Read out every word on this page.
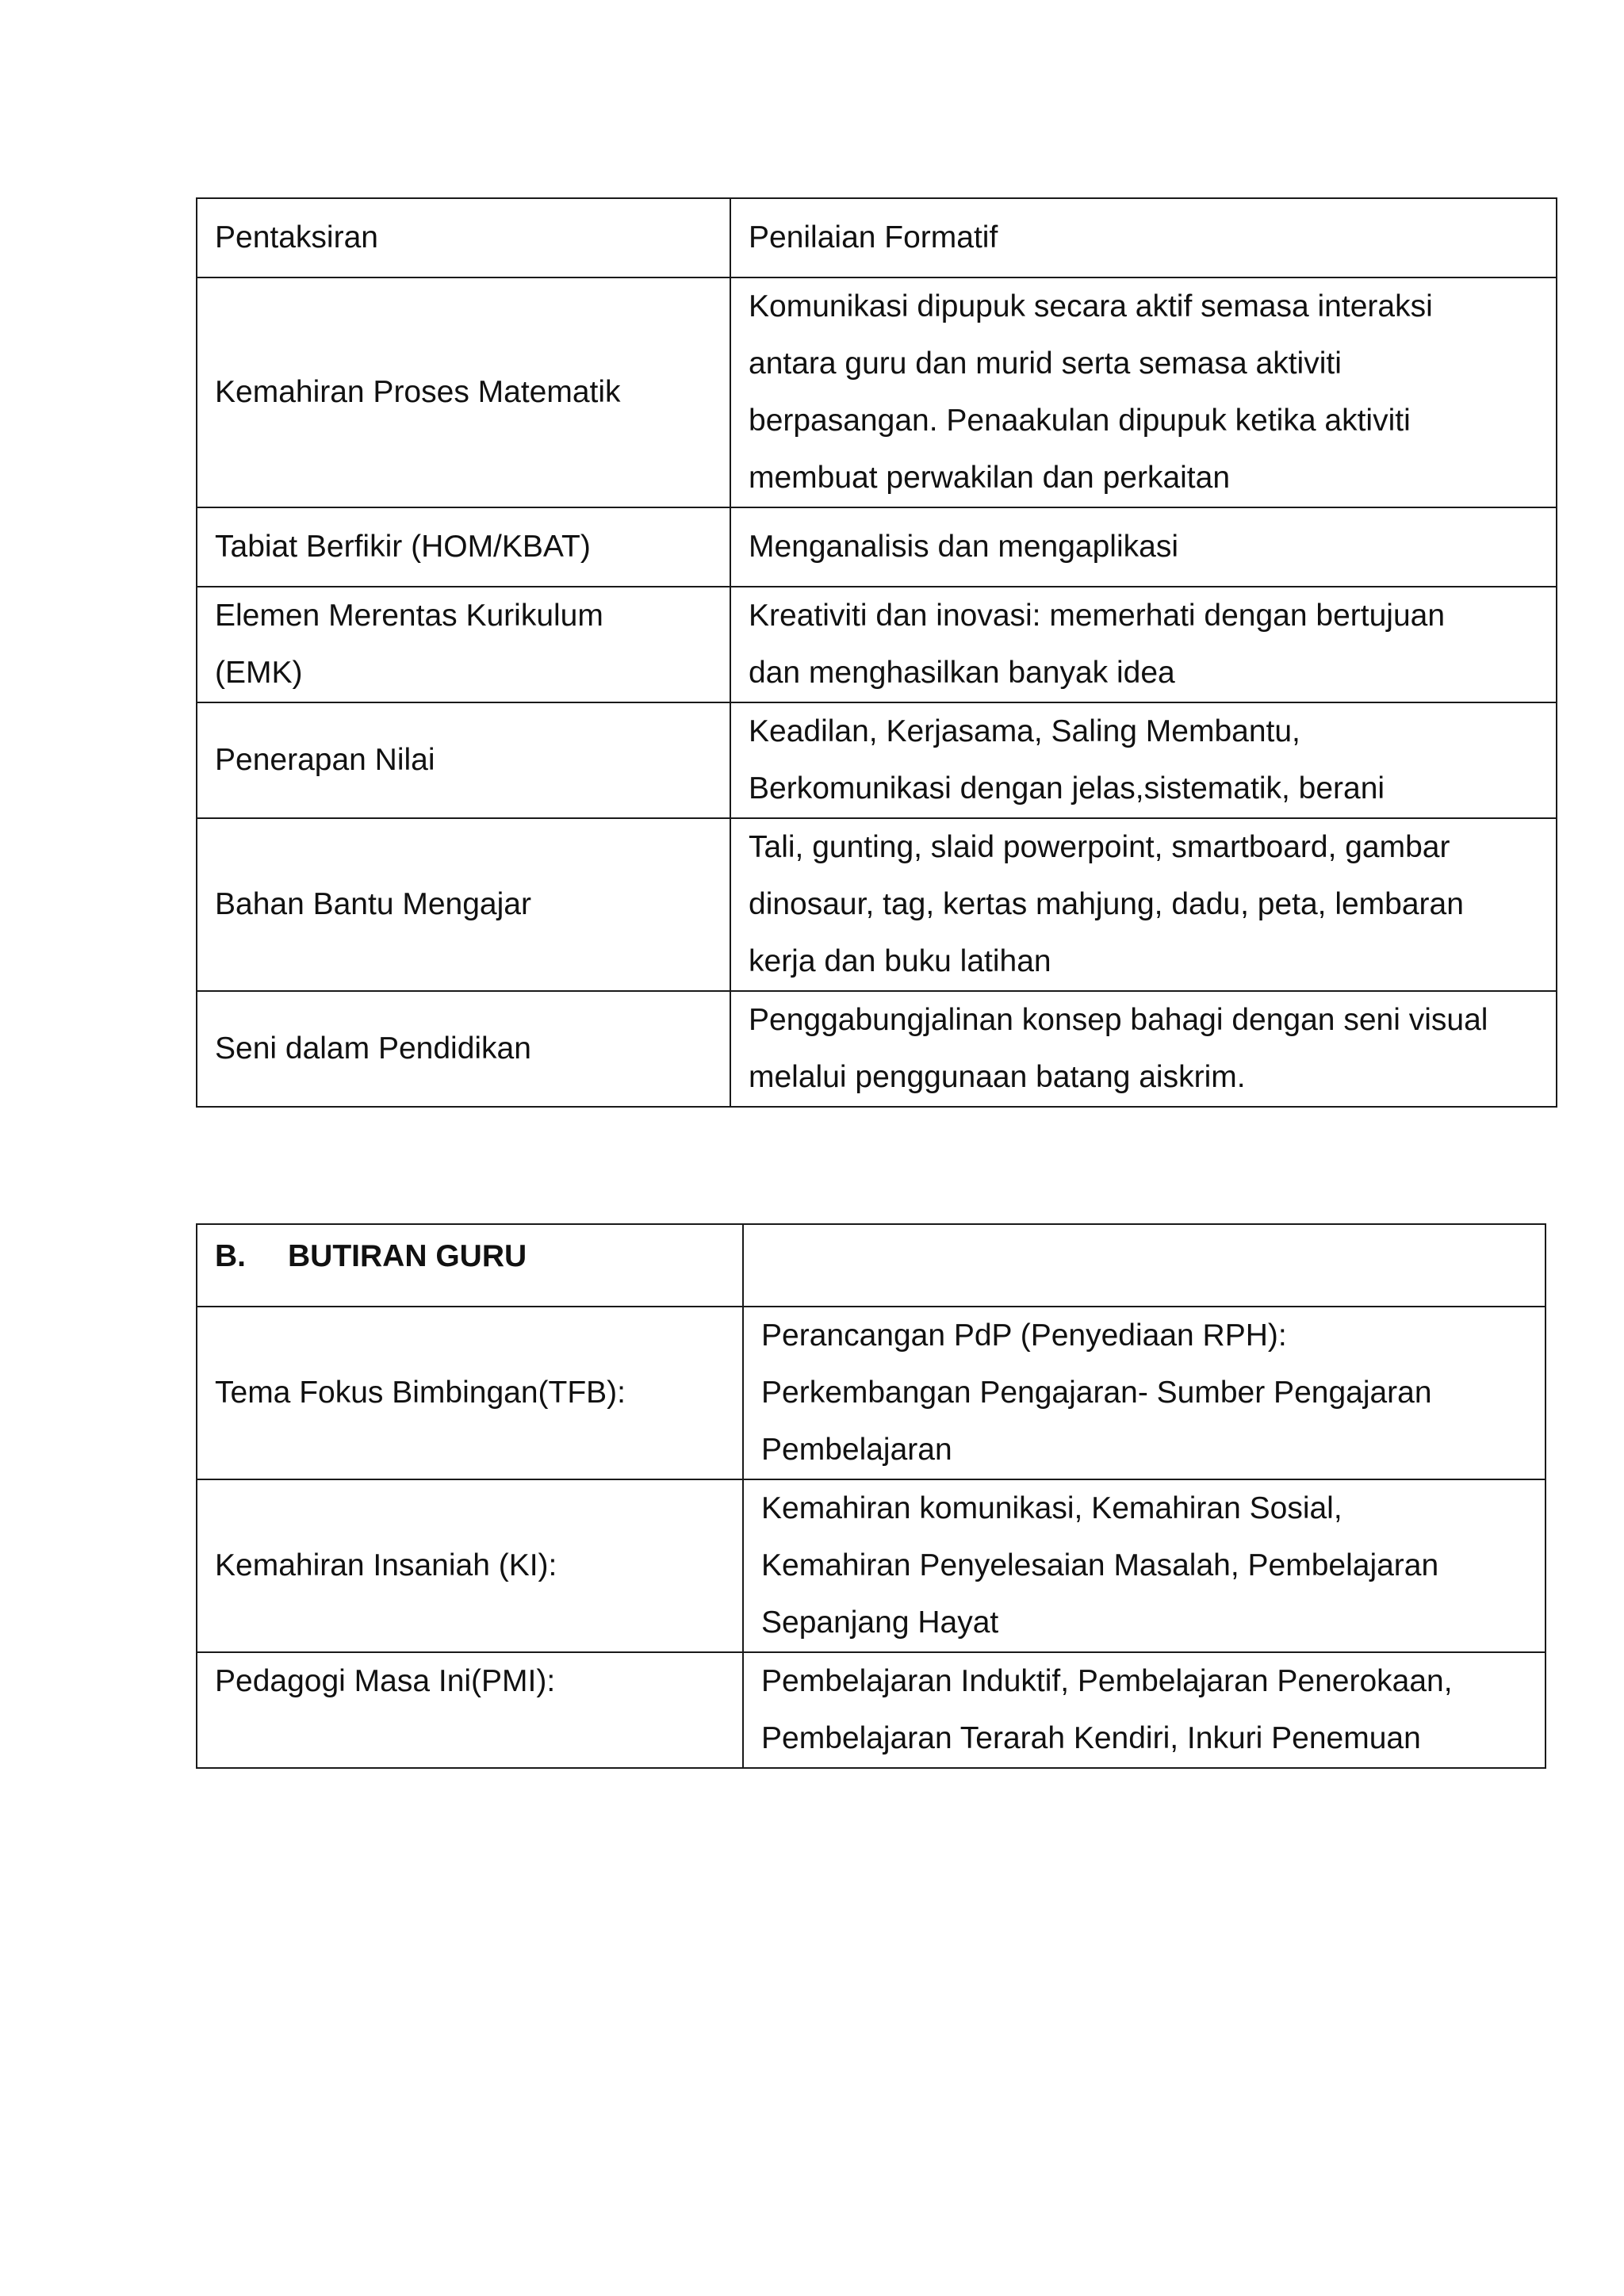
Pentaksiran	Penilaian Formatif

Kemahiran Proses Matematik	Komunikasi dipupuk secara aktif semasa interaksi
antara guru dan murid serta semasa aktiviti
berpasangan. Penaakulan dipupuk ketika aktiviti
membuat perwakilan dan perkaitan

Tabiat Berfikir (HOM/KBAT)	Menganalisis dan mengaplikasi

Elemen Merentas Kurikulum
(EMK)	Kreativiti dan inovasi: memerhati dengan bertujuan
dan menghasilkan banyak idea

Penerapan Nilai	Keadilan, Kerjasama, Saling Membantu,
Berkomunikasi dengan jelas,sistematik, berani

Bahan Bantu Mengajar	Tali, gunting, slaid powerpoint, smartboard, gambar
dinosaur, tag, kertas mahjung, dadu, peta, lembaran
kerja dan buku latihan

Seni dalam Pendidikan	Penggabungjalinan konsep bahagi dengan seni visual
melalui penggunaan batang aiskrim.
B. BUTIRAN GURU	
Tema Fokus Bimbingan(TFB):	Perancangan PdP (Penyediaan RPH):
Perkembangan Pengajaran- Sumber Pengajaran
Pembelajaran

Kemahiran Insaniah (KI):	Kemahiran komunikasi, Kemahiran Sosial,
Kemahiran Penyelesaian Masalah, Pembelajaran
Sepanjang Hayat

Pedagogi Masa Ini(PMI):	Pembelajaran Induktif, Pembelajaran Penerokaan,
Pembelajaran Terarah Kendiri, Inkuri Penemuan
